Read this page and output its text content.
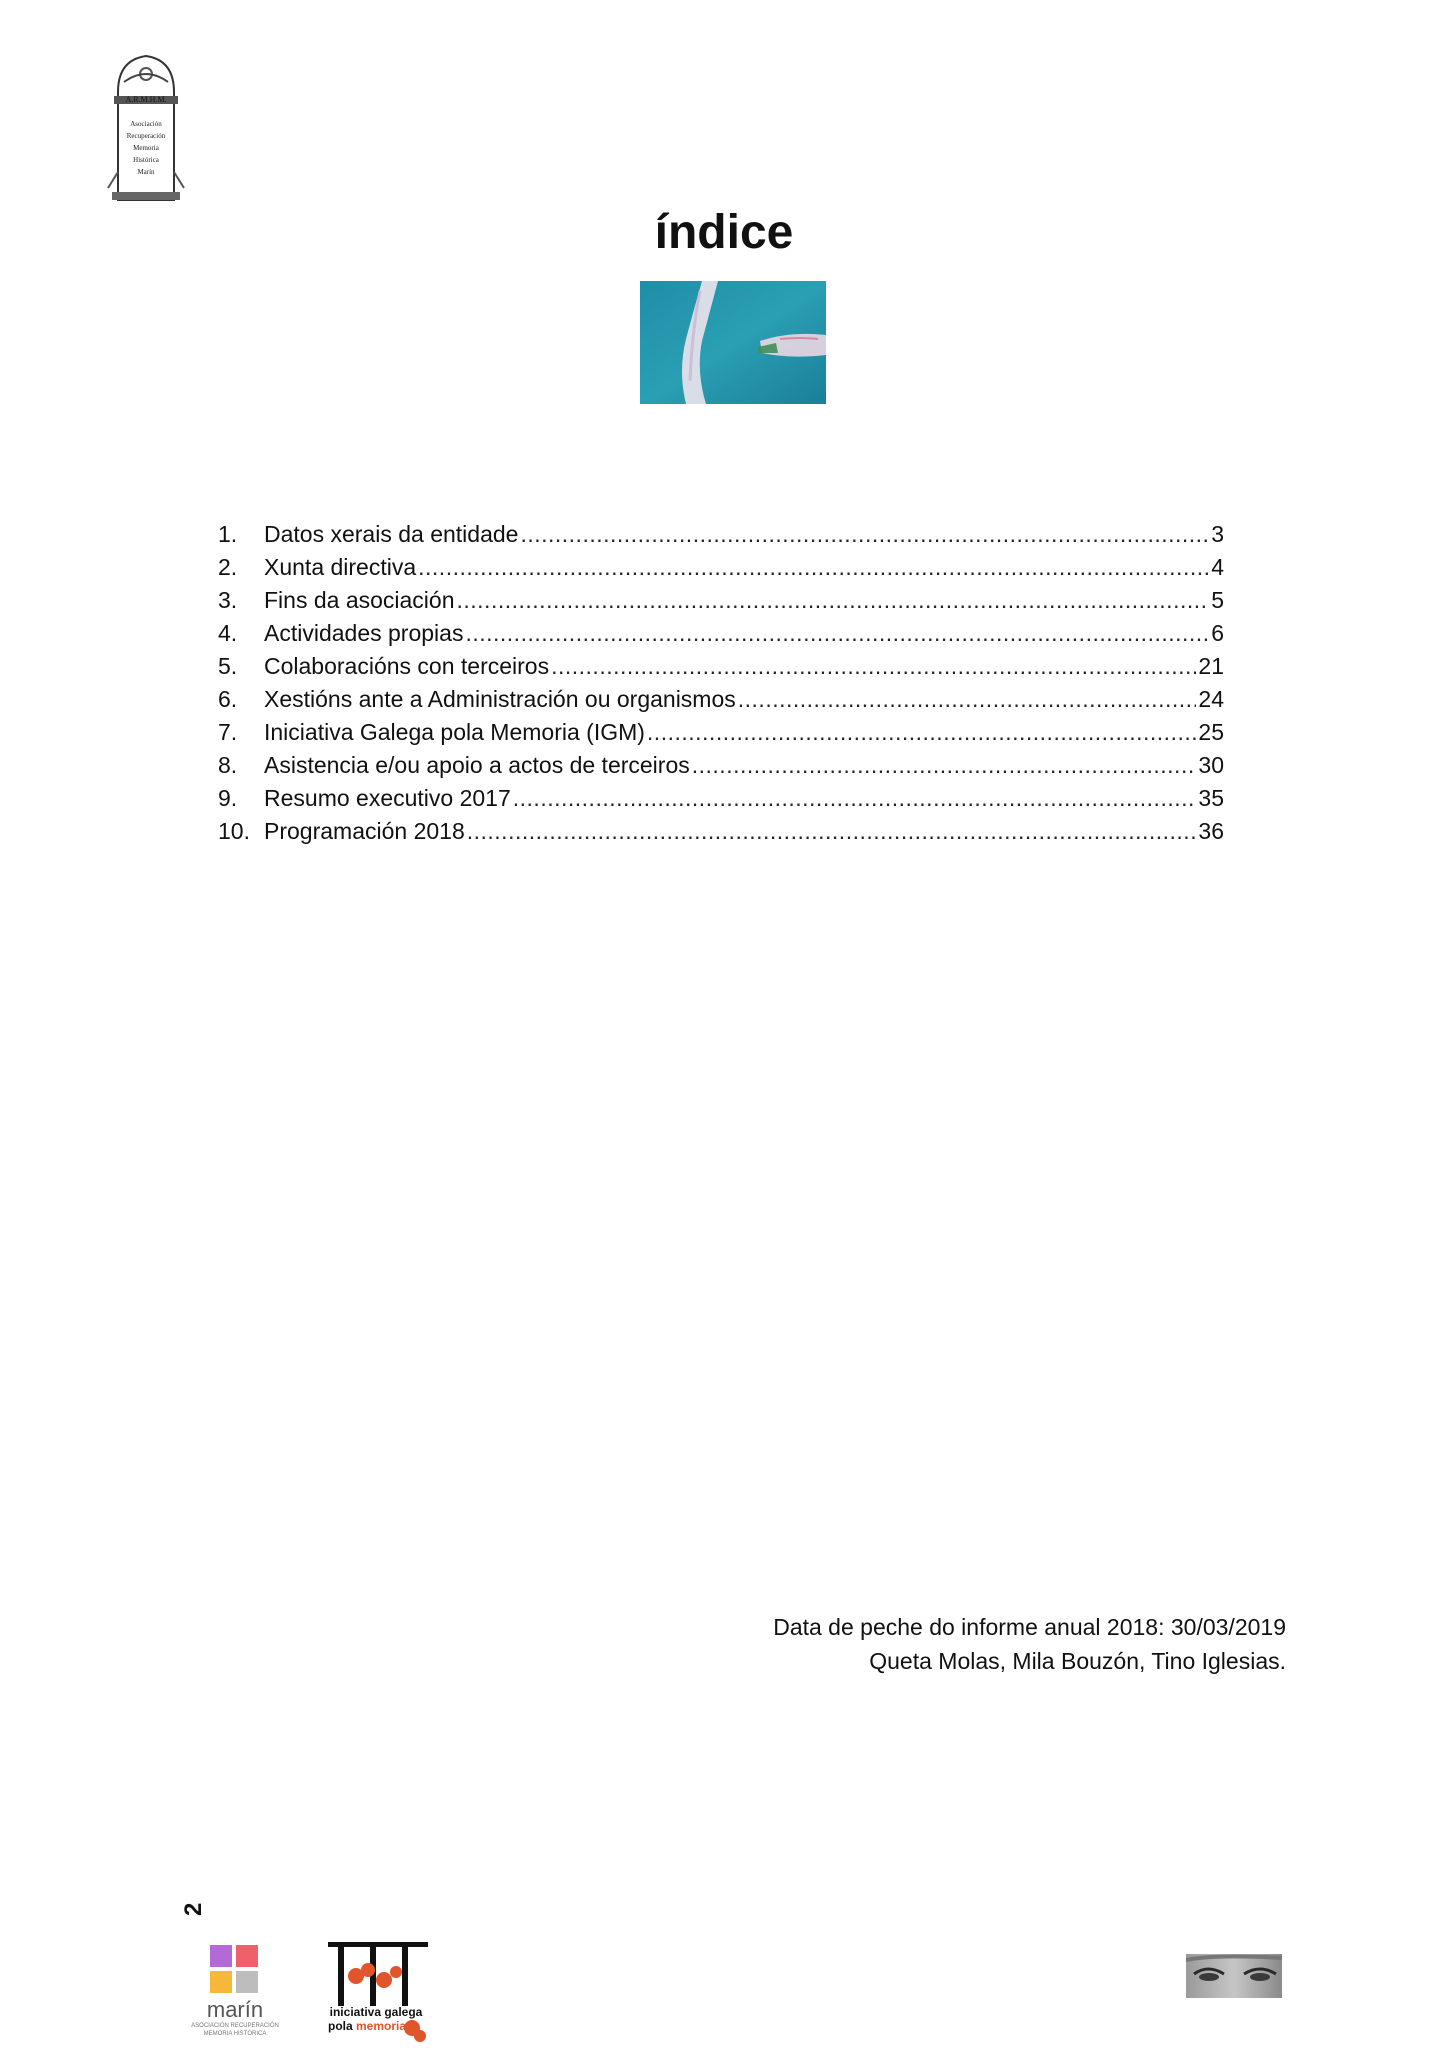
A.R.M.H.M.
Asociación
Recuperación
Memoria
Histórica
Marín
índice
1.	Datos xerais da entidade .....	3
2.	Xunta directiva .....	4
3.	Fins da asociación .....	5
4.	Actividades propias .....	6
5.	Colaboracións con terceiros .....	21
6.	Xestións ante a Administración ou organismos .....	24
7.	Iniciativa Galega pola Memoria (IGM) .....	25
8.	Asistencia e/ou apoio a actos de terceiros .....	30
9.	Resumo executivo 2017 .....	35
10. Programación 2018 .....	36
Data de peche do informe anual 2018: 30/03/2019
Queta Molas, Mila Bouzón, Tino Iglesias.
2
marín
ASOCIACIÓN RECUPERACIÓN
MEMORIA HISTÓRICA
iniciativa galega
pola memoria
